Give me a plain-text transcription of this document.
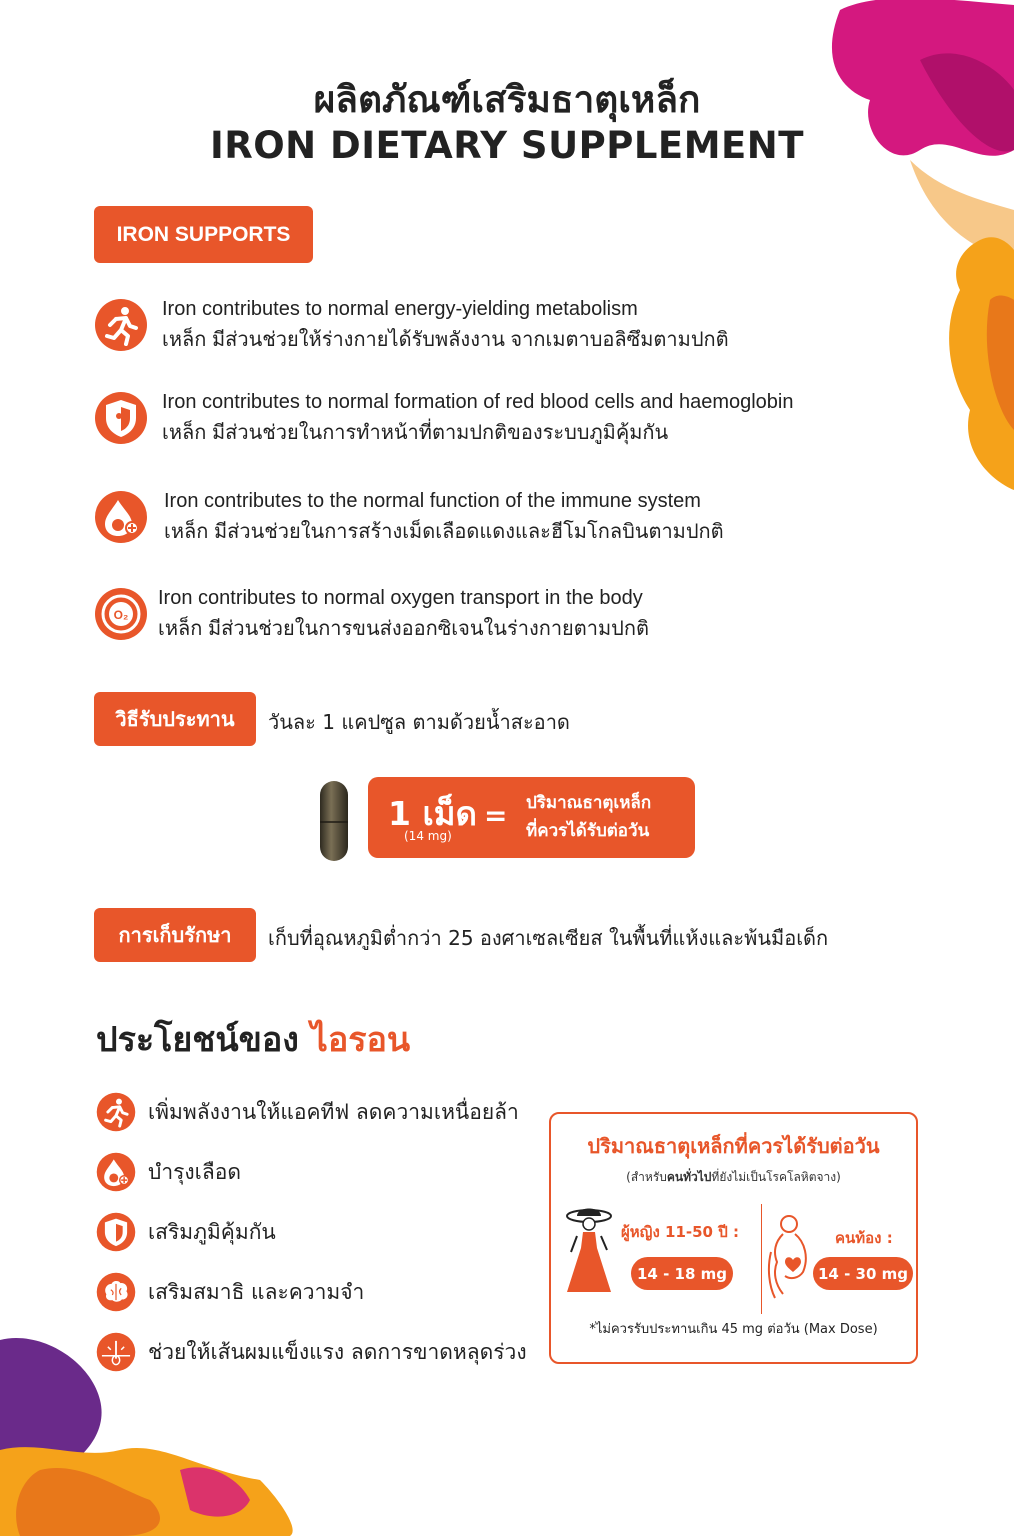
ผลิตภัณฑ์เสริมธาตุเหล็ก
IRON DIETARY SUPPLEMENT
IRON SUPPORTS
Iron contributes to normal energy-yielding metabolism
เหล็ก มีส่วนช่วยให้ร่างกายได้รับพลังงาน จากเมตาบอลิซึมตามปกติ
Iron contributes to normal formation of red blood cells and haemoglobin
เหล็ก มีส่วนช่วยในการทำหน้าที่ตามปกติของระบบภูมิคุ้มกัน
Iron contributes to the normal function of the immune system
เหล็ก มีส่วนช่วยในการสร้างเม็ดเลือดแดงและฮีโมโกลบินตามปกติ
O₂
Iron contributes to normal oxygen transport in the body
เหล็ก มีส่วนช่วยในการขนส่งออกซิเจนในร่างกายตามปกติ
วิธีรับประทาน	วันละ 1 แคปซูล ตามด้วยน้ำสะอาด
1 เม็ด
(14 mg)
= ปริมาณธาตุเหล็ก
ที่ควรได้รับต่อวัน
การเก็บรักษา	เก็บที่อุณหภูมิต่ำกว่า 25 องศาเซลเซียส ในพื้นที่แห้งและพ้นมือเด็ก
ประโยชน์ของ ไอรอน
เพิ่มพลังงานให้แอคทีฟ ลดความเหนื่อยล้า
บำรุงเลือด
เสริมภูมิคุ้มกัน
เสริมสมาธิ และความจำ
ช่วยให้เส้นผมแข็งแรง ลดการขาดหลุดร่วง
ปริมาณธาตุเหล็กที่ควรได้รับต่อวัน
(สำหรับคนทั่วไปที่ยังไม่เป็นโรคโลหิตจาง)
ผู้หญิง 11-50 ปี :
14 - 18 mg
คนท้อง :
14 - 30 mg
*ไม่ควรรับประทานเกิน 45 mg ต่อวัน (Max Dose)
